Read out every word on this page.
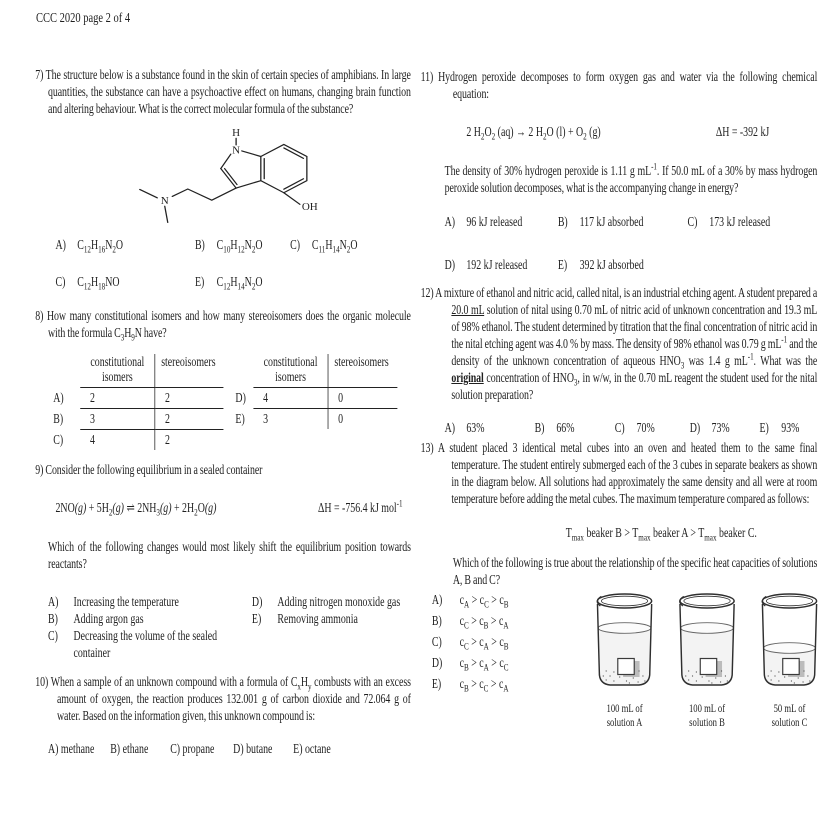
CCC 2020 page 2 of 4
7) The structure below is a substance found in the skin of certain species of amphibians. In large quantities, the substance can have a psychoactive effect on humans, changing brain function and altering behaviour. What is the correct molecular formula of the substance?
H
N
N
OH
A) $C_{12}H_{16}N_2O$	B) $C_{10}H_{12}N_2O$	C) $C_{11}H_{14}N_2O$
C) $C_{12}H_{18}NO$	E) $C_{12}H_{14}N_2O$
8) How many constitutional isomers and how many stereoisomers does the organic molecule with the formula $C_3H_9N$ have?
constitutional
isomers
stereoisomers
A)	2	2
B)	3	2
C)	4	2
constitutional
isomers
stereoisomers
D)	4	0
E)	3	0
9) Consider the following equilibrium in a sealed container
$2NO(g) + 5H_2(g)$ ⇌ $2NH_3(g) + 2H_2O(g)$	ΔH = -756.4 kJ mol$^{-1}$
Which of the following changes would most likely shift the equilibrium position towards reactants?
A)	Increasing the temperature
B)	Adding argon gas
C)	Decreasing the volume of the sealed container
D)	Adding nitrogen monoxide gas
E)	Removing ammonia
10) When a sample of an unknown compound with a formula of $C_xH_y$ combusts with an excess amount of oxygen, the reaction produces 132.001 g of carbon dioxide and 72.064 g of water. Based on the information given, this unknown compound is:
A) methane	B) ethane	C) propane	D) butane	E) octane
11) Hydrogen peroxide decomposes to form oxygen gas and water via the following chemical equation:
2 $H_2O_2$ (aq) → 2 $H_2O$ $(l) + O_2$ (g)	ΔH = -392 kJ
The density of 30% hydrogen peroxide is 1.11 g $mL^{-1}$. If 50.0 mL of a 30% by mass hydrogen peroxide solution decomposes, what is the accompanying change in energy?
A) 96 kJ released	B) 117 kJ absorbed	C) 173 kJ released
D) 192 kJ released	E) 392 kJ absorbed
12) A mixture of ethanol and nitric acid, called nital, is an industrial etching agent. A student prepared a 20.0 mL solution of nital using 0.70 mL of nitric acid of unknown concentration and 19.3 mL of 98% ethanol. The student determined by titration that the final concentration of nitric acid in the nital etching agent was 4.0 % by mass. The density of 98% ethanol was 0.79 g $mL^{-1}$ and the density of the unknown concentration of aqueous $HNO_3$ was 1.4 g $mL^{-1}$. What was the original concentration of $HNO_3$, in w/w, in the 0.70 mL reagent the student used for the nital solution preparation?
A) 63%	B) 66%	C) 70%	D) 73%	E) 93%
13) A student placed 3 identical metal cubes into an oven and heated them to the same final temperature. The student entirely submerged each of the 3 cubes in separate beakers as shown in the diagram below. All solutions had approximately the same density and all were at room temperature before adding the metal cubes. The maximum temperature compared as follows:
$T_{max}$ beaker $B > T_{max}$ beaker $A > T_{max}$ beaker C.
Which of the following is true about the relationship of the specific heat capacities of solutions A, B and C?
A)	$c_A > c_C > c_B$
B)	$c_C > c_B > c_A$
C)	$c_C > c_A > c_B$
D)	$c_B > c_A > c_C$
E)	$c_B > c_C > c_A$
100 mL of
solution A
100 mL of
solution B
50 mL of
solution C
